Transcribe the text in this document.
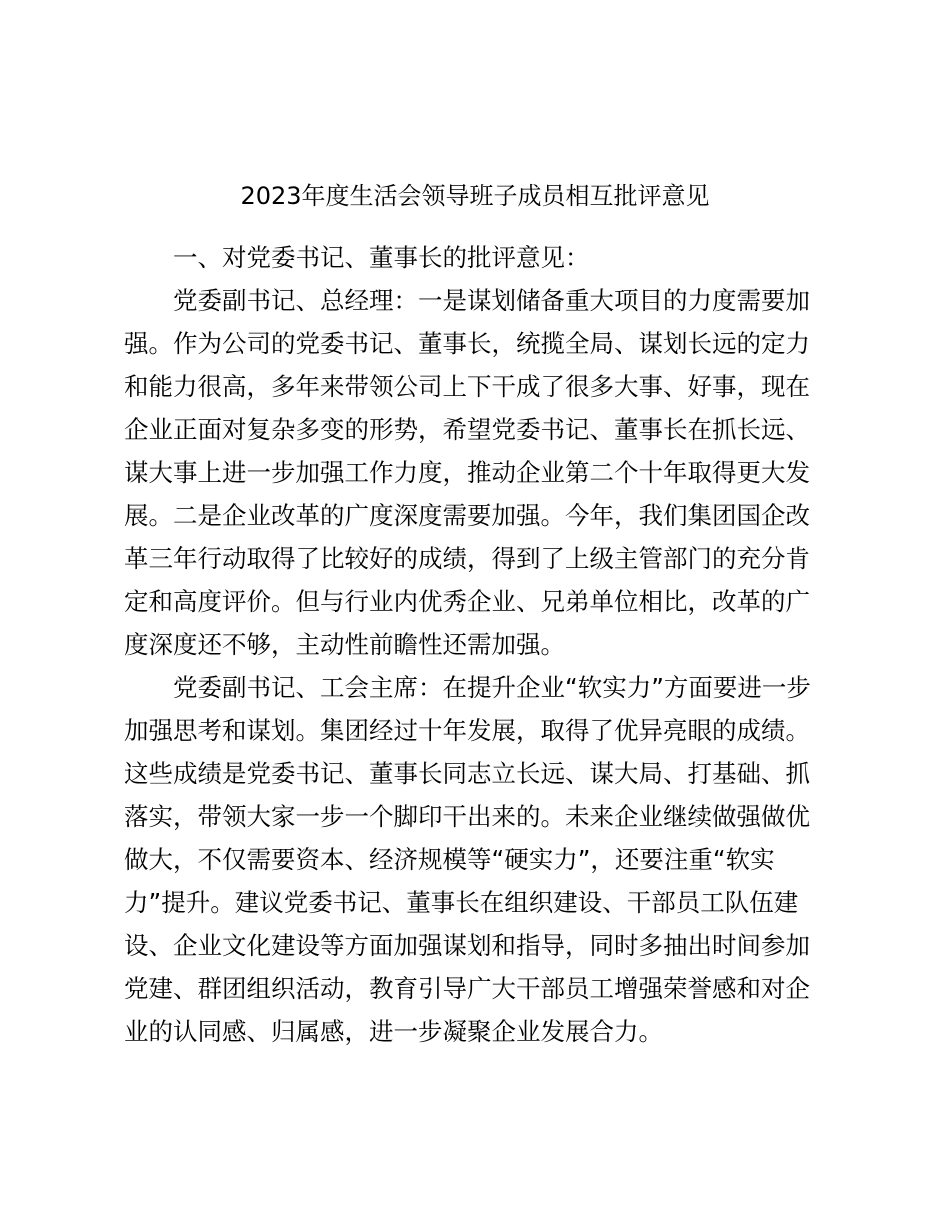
2023年度生活会领导班子成员相互批评意见

一、对党委书记、董事长的批评意见：

党委副书记、总经理：一是谋划储备重大项目的力度需要加

强。作为公司的党委书记、董事长，统揽全局、谋划长远的定力

和能力很高，多年来带领公司上下干成了很多大事、好事，现在

企业正面对复杂多变的形势，希望党委书记、董事长在抓长远、

谋大事上进一步加强工作力度，推动企业第二个十年取得更大发

展。二是企业改革的广度深度需要加强。今年，我们集团国企改

革三年行动取得了比较好的成绩，得到了上级主管部门的充分肯

定和高度评价。但与行业内优秀企业、兄弟单位相比，改革的广

度深度还不够，主动性前瞻性还需加强。

党委副书记、工会主席：在提升企业“软实力”方面要进一步

加强思考和谋划。集团经过十年发展，取得了优异亮眼的成绩。

这些成绩是党委书记、董事长同志立长远、谋大局、打基础、抓

落实，带领大家一步一个脚印干出来的。未来企业继续做强做优

做大，不仅需要资本、经济规模等“硬实力”，还要注重“软实

力”提升。建议党委书记、董事长在组织建设、干部员工队伍建

设、企业文化建设等方面加强谋划和指导，同时多抽出时间参加

党建、群团组织活动，教育引导广大干部员工增强荣誉感和对企

业的认同感、归属感，进一步凝聚企业发展合力。
